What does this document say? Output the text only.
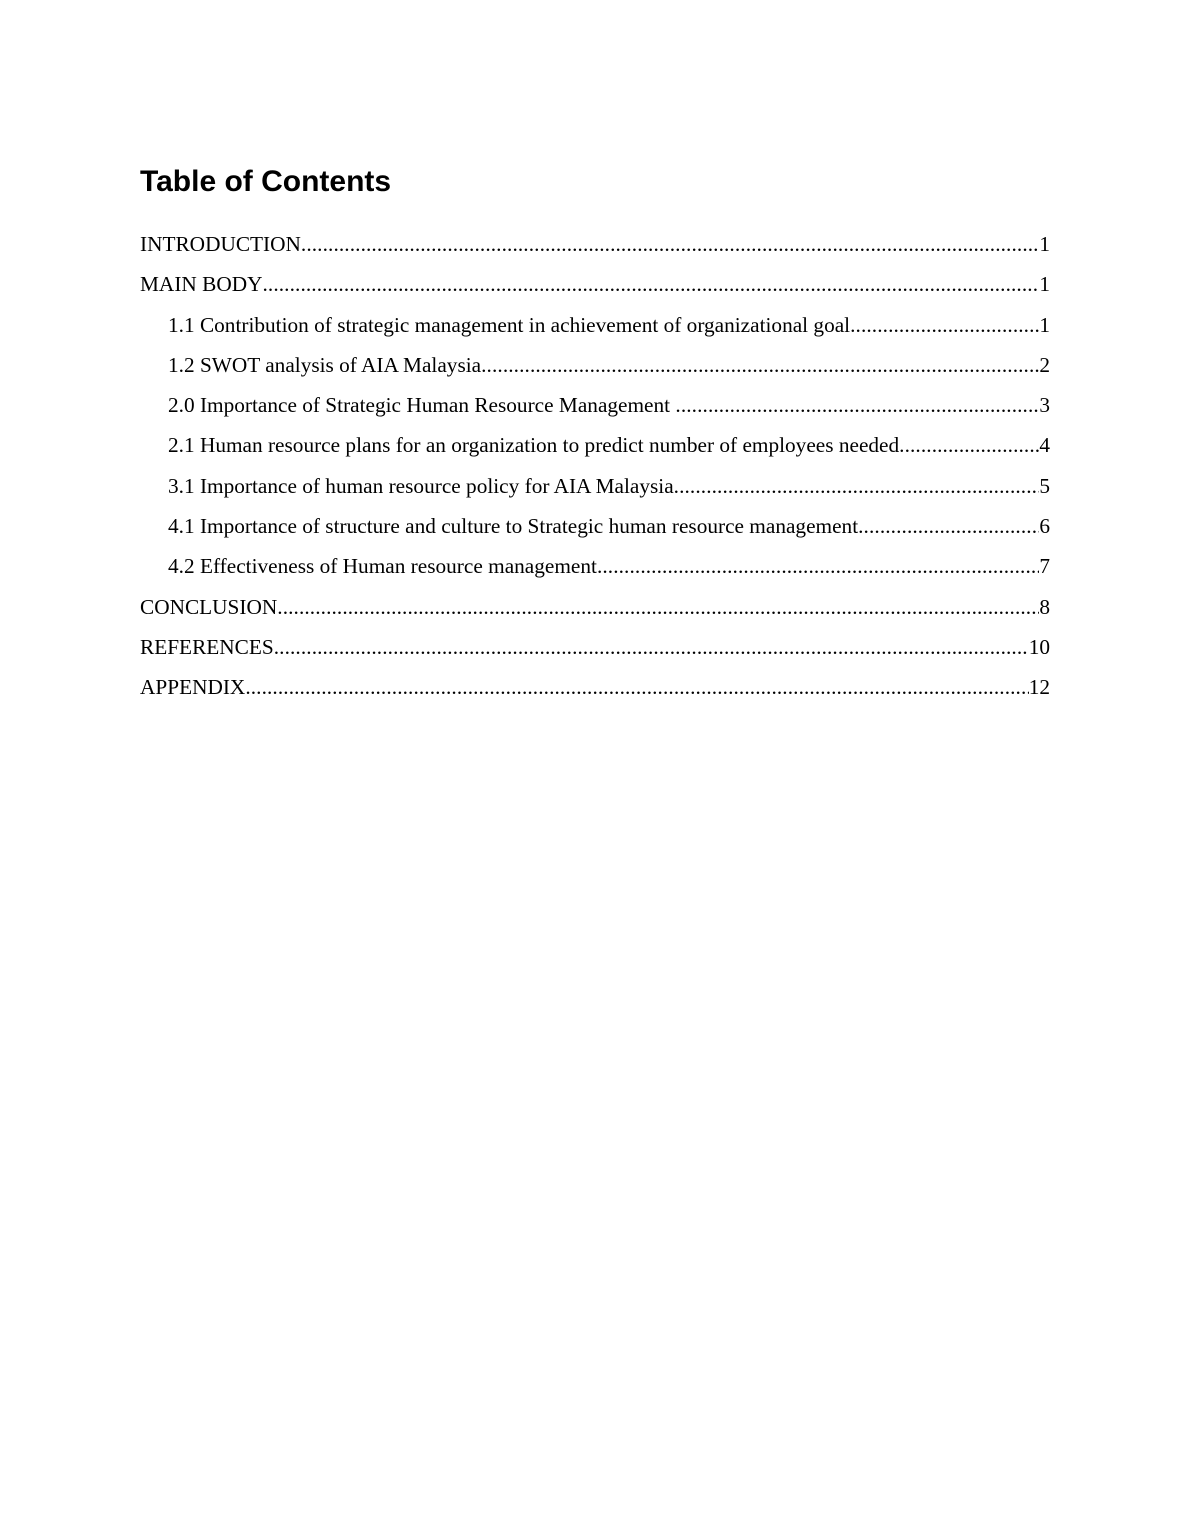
Table of Contents
INTRODUCTION .....	1
MAIN BODY .....	1
1.1 Contribution of strategic management in achievement of organizational goal .....	1
1.2 SWOT analysis of AIA Malaysia .....	2
2.0 Importance of Strategic Human Resource Management .....	3
2.1 Human resource plans for an organization to predict number of employees needed .....	4
3.1 Importance of human resource policy for AIA Malaysia .....	5
4.1 Importance of structure and culture to Strategic human resource management .....	6
4.2 Effectiveness of Human resource management .....	7
CONCLUSION .....	8
REFERENCES .....	10
APPENDIX .....	12
